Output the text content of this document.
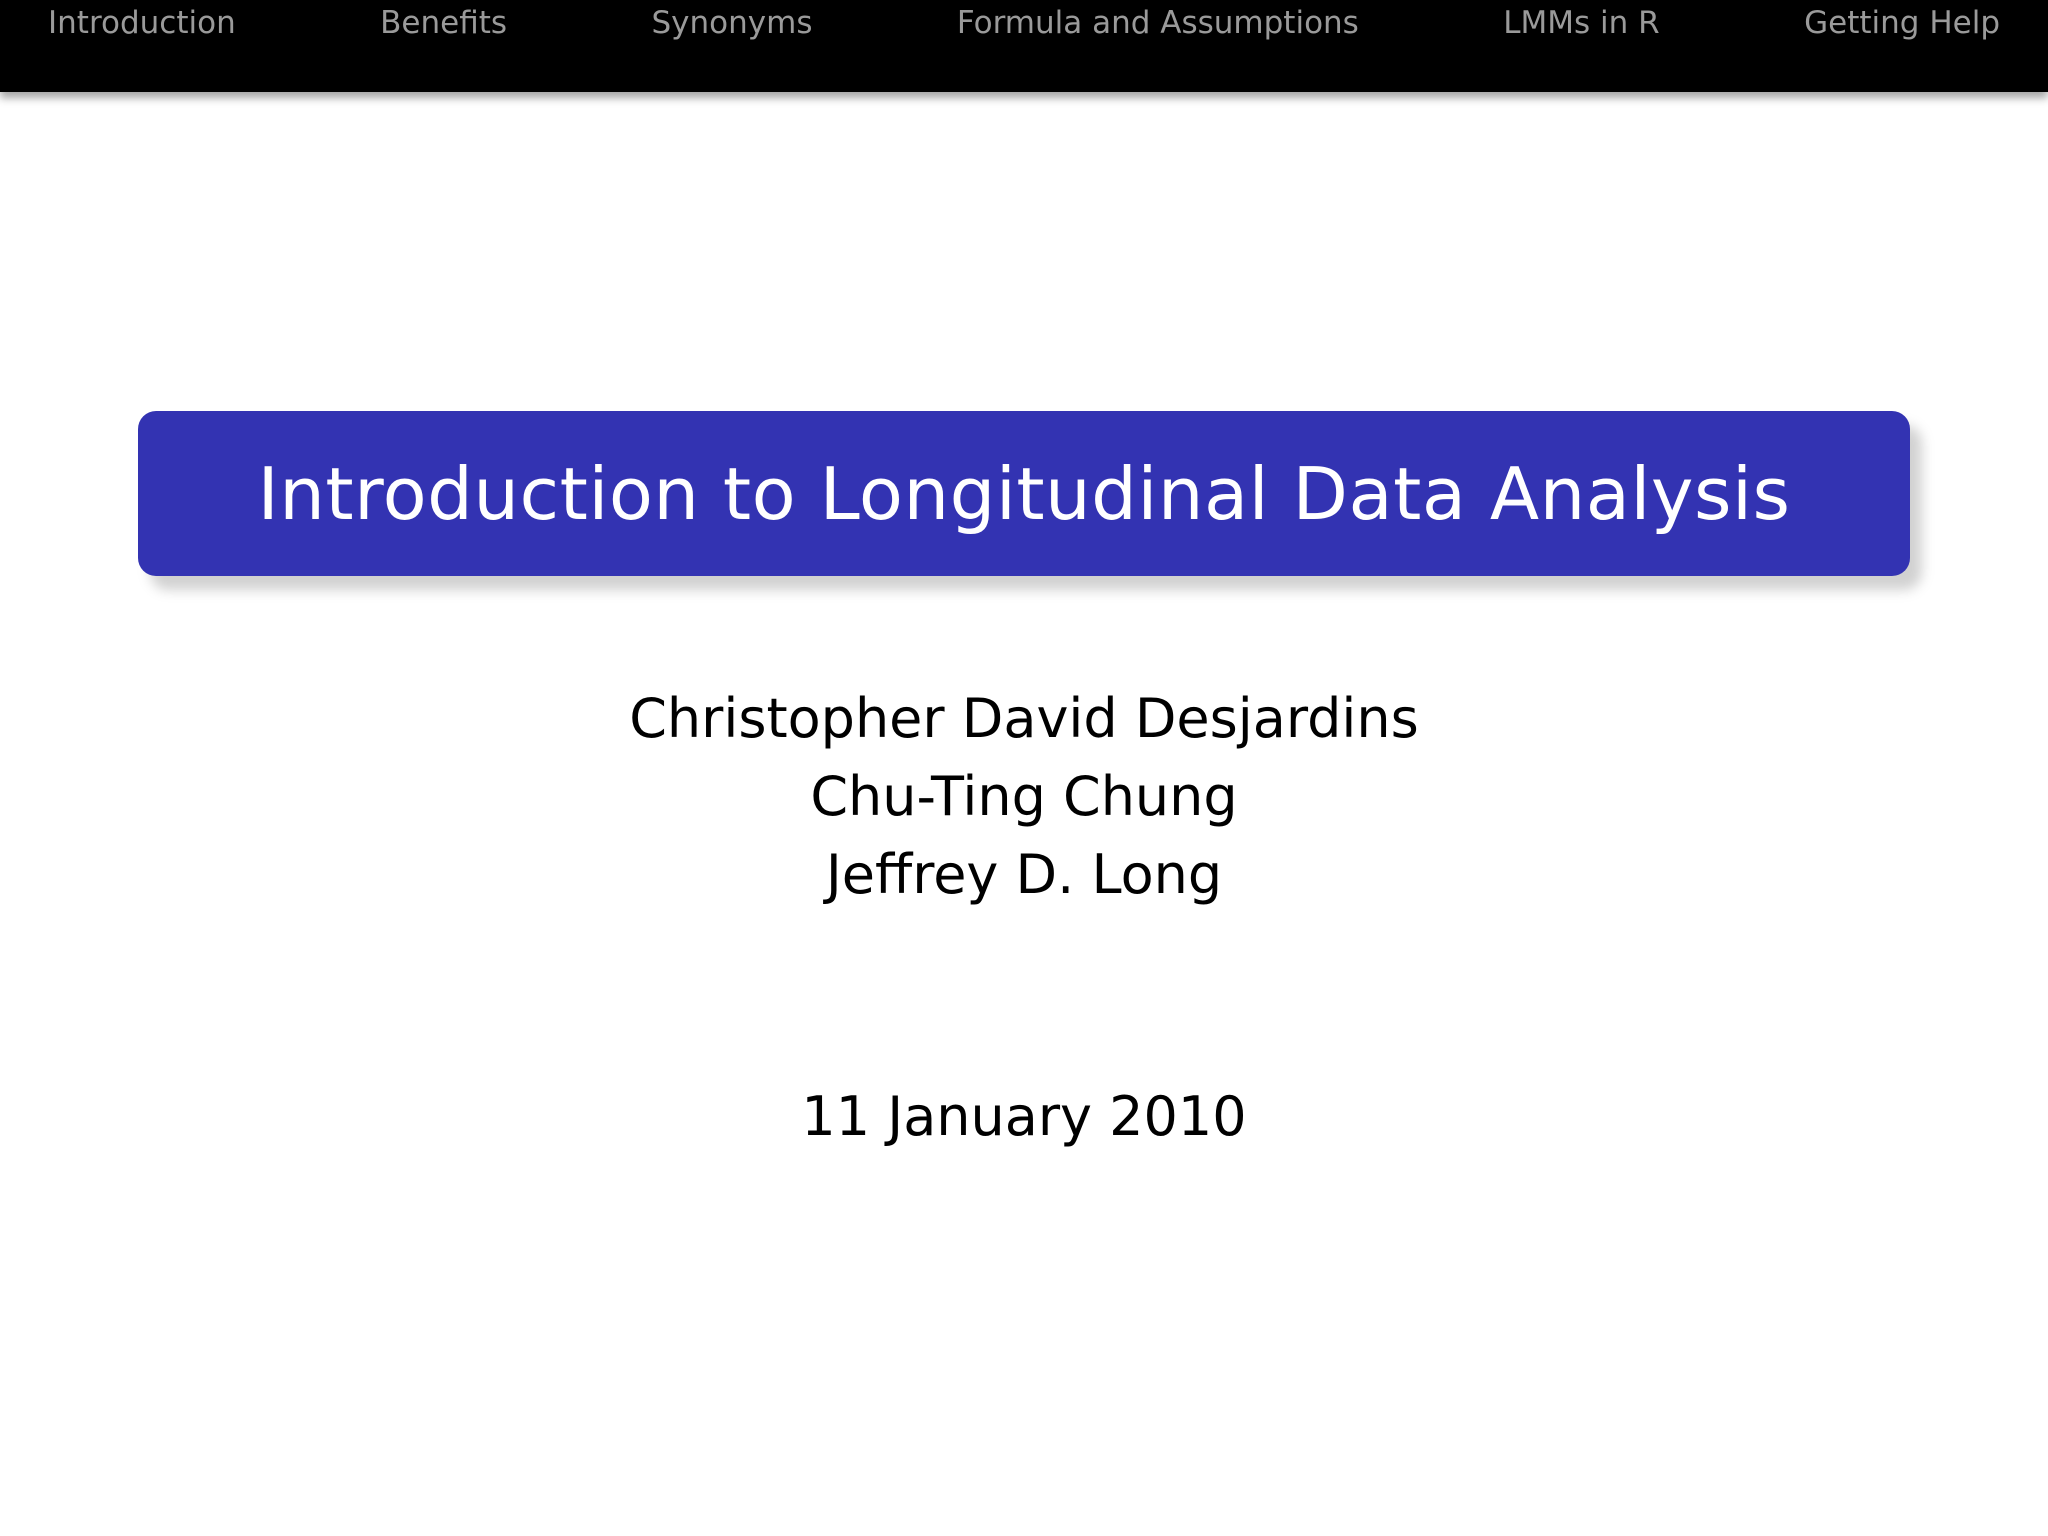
Introduction	Benefits	Synonyms	Formula and Assumptions	LMMs in R	Getting Help
Introduction to Longitudinal Data Analysis
Christopher David Desjardins
Chu-Ting Chung
Jeffrey D. Long
11 January 2010
